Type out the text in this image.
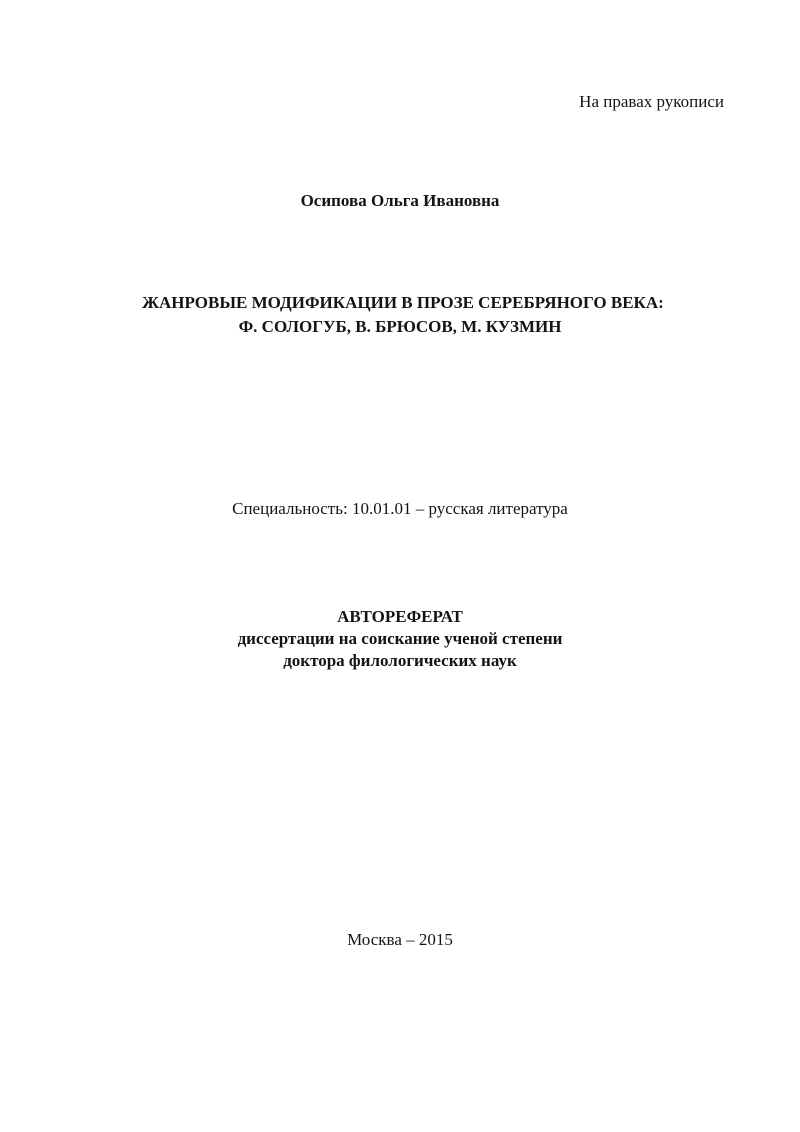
На правах рукописи

Осипова Ольга Ивановна

ЖАНРОВЫЕ МОДИФИКАЦИИ В ПРОЗЕ СЕРЕБРЯНОГО ВЕКА:

Ф. СОЛОГУБ, В. БРЮСОВ, М. КУЗМИН

Специальность: 10.01.01 – русская литература

АВТОРЕФЕРАТ

диссертации на соискание ученой степени

доктора филологических наук

Москва – 2015
